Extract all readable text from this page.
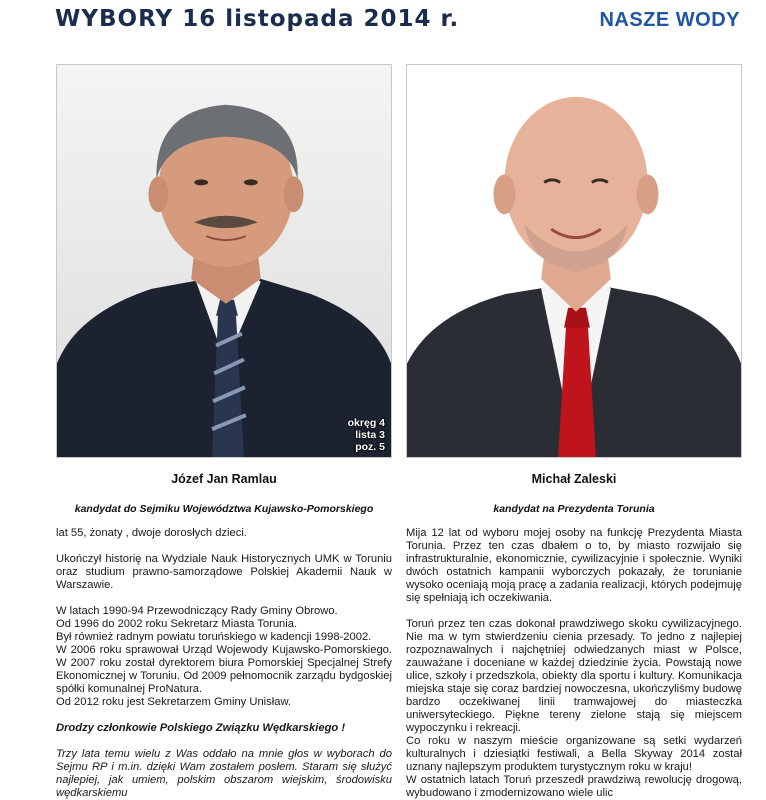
WYBORY 16 listopada 2014 r.	NASZE WODY
okręg 4
lista 3
poz. 5
Józef Jan Ramlau	Michał Zaleski

kandydat do Sejmiku Województwa Kujawsko-Pomorskiego	kandydat na Prezydenta Torunia

lat 55, żonaty , dwoje dorosłych dzieci.

Ukończył historię na Wydziale Nauk Historycznych UMK w Toruniu oraz studium prawno-samorządowe Polskiej Akademii Nauk w Warszawie.

W latach 1990-94 Przewodniczący Rady Gminy Obrowo.

Od 1996 do 2002 roku Sekretarz Miasta Torunia.

Był również radnym powiatu toruńskiego w kadencji 1998-2002.

W 2006 roku sprawował Urząd Wojewody Kujawsko-Pomorskiego. W 2007 roku został dyrektorem biura Pomorskiej Specjalnej Strefy Ekonomicznej w Toruniu. Od 2009 pełnomocnik zarządu bydgoskiej spółki komunalnej ProNatura.

Od 2012 roku jest Sekretarzem Gminy Unisław.

Drodzy członkowie Polskiego Związku Wędkarskiego !

Trzy lata temu wielu z Was oddało na mnie głos w wyborach do Sejmu RP i m.in. dzięki Wam zostałem posłem. Staram się służyć najlepiej, jak umiem, polskim obszarom wiejskim, środowisku wędkarskiemu

Mija 12 lat od wyboru mojej osoby na funkcję Prezydenta Miasta Torunia. Przez ten czas dbałem o to, by miasto rozwijało się infrastrukturalnie, ekonomicznie, cywilizacyjnie i społecznie. Wyniki dwóch ostatnich kampanii wyborczych pokazały, że torunianie wysoko oceniają moją pracę a zadania realizacji, których podejmuję się spełniają ich oczekiwania.

Toruń przez ten czas dokonał prawdziwego skoku cywilizacyjnego. Nie ma w tym stwierdzeniu cienia przesady. To jedno z najlepiej rozpoznawalnych i najchętniej odwiedzanych miast w Polsce, zauważane i doceniane w każdej dziedzinie życia. Powstają nowe ulice, szkoły i przedszkola, obiekty dla sportu i kultury. Komunikacja miejska staje się coraz bardziej nowoczesna, ukończyliśmy budowę bardzo oczekiwanej linii tramwajowej do miasteczka uniwersyteckiego. Piękne tereny zielone stają się miejscem wypoczynku i rekreacji.

Co roku w naszym mieście organizowane są setki wydarzeń kulturalnych i dziesiątki festiwali, a Bella Skyway 2014 został uznany najlepszym produktem turystycznym roku w kraju!

W ostatnich latach Toruń przeszedł prawdziwą rewolucję drogową, wybudowano i zmodernizowano wiele ulic
